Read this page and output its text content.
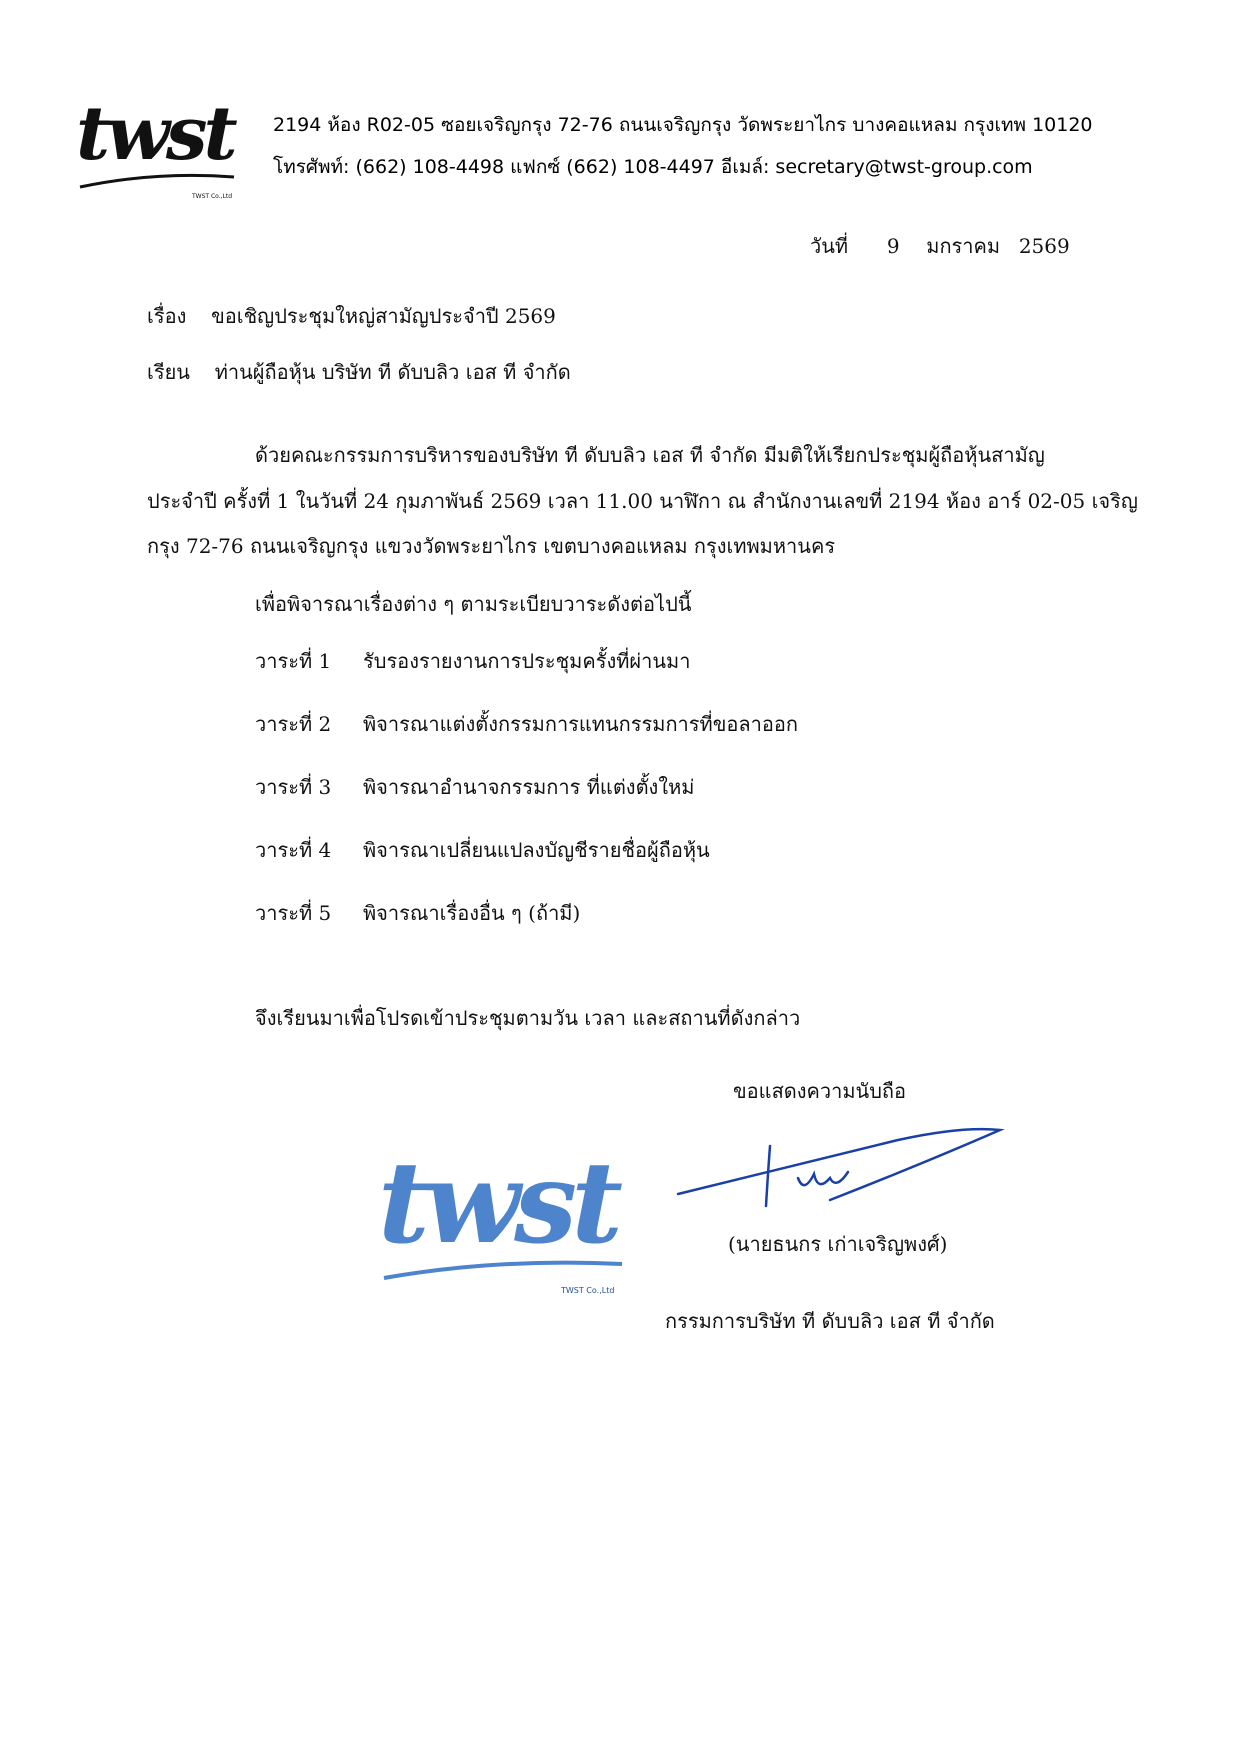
twst
TWST Co.,Ltd
2194 ห้อง R02-05 ซอยเจริญกรุง 72-76 ถนนเจริญกรุง วัดพระยาไกร บางคอแหลม กรุงเทพ 10120
โทรศัพท์: (662) 108-4498 แฟกซ์ (662) 108-4497 อีเมล์: secretary@twst-group.com
วันที่ 9 มกราคม 2569
เรื่อง ขอเชิญประชุมใหญ่สามัญประจำปี 2569
เรียน ท่านผู้ถือหุ้น บริษัท ที ดับบลิว เอส ที จำกัด
ด้วยคณะกรรมการบริหารของบริษัท ที ดับบลิว เอส ที จำกัด มีมติให้เรียกประชุมผู้ถือหุ้นสามัญ
ประจำปี ครั้งที่ 1 ในวันที่ 24 กุมภาพันธ์ 2569 เวลา 11.00 นาฬิกา ณ สำนักงานเลขที่ 2194 ห้อง อาร์ 02-05 เจริญ
กรุง 72-76 ถนนเจริญกรุง แขวงวัดพระยาไกร เขตบางคอแหลม กรุงเทพมหานคร
เพื่อพิจารณาเรื่องต่าง ๆ ตามระเบียบวาระดังต่อไปนี้
วาระที่ 1 รับรองรายงานการประชุมครั้งที่ผ่านมา
วาระที่ 2 พิจารณาแต่งตั้งกรรมการแทนกรรมการที่ขอลาออก
วาระที่ 3 พิจารณาอำนาจกรรมการ ที่แต่งตั้งใหม่
วาระที่ 4 พิจารณาเปลี่ยนแปลงบัญชีรายชื่อผู้ถือหุ้น
วาระที่ 5 พิจารณาเรื่องอื่น ๆ (ถ้ามี)
จึงเรียนมาเพื่อโปรดเข้าประชุมตามวัน เวลา และสถานที่ดังกล่าว
ขอแสดงความนับถือ
twst
TWST Co.,Ltd
(นายธนกร เก่าเจริญพงศ์)
กรรมการบริษัท ที ดับบลิว เอส ที จำกัด
